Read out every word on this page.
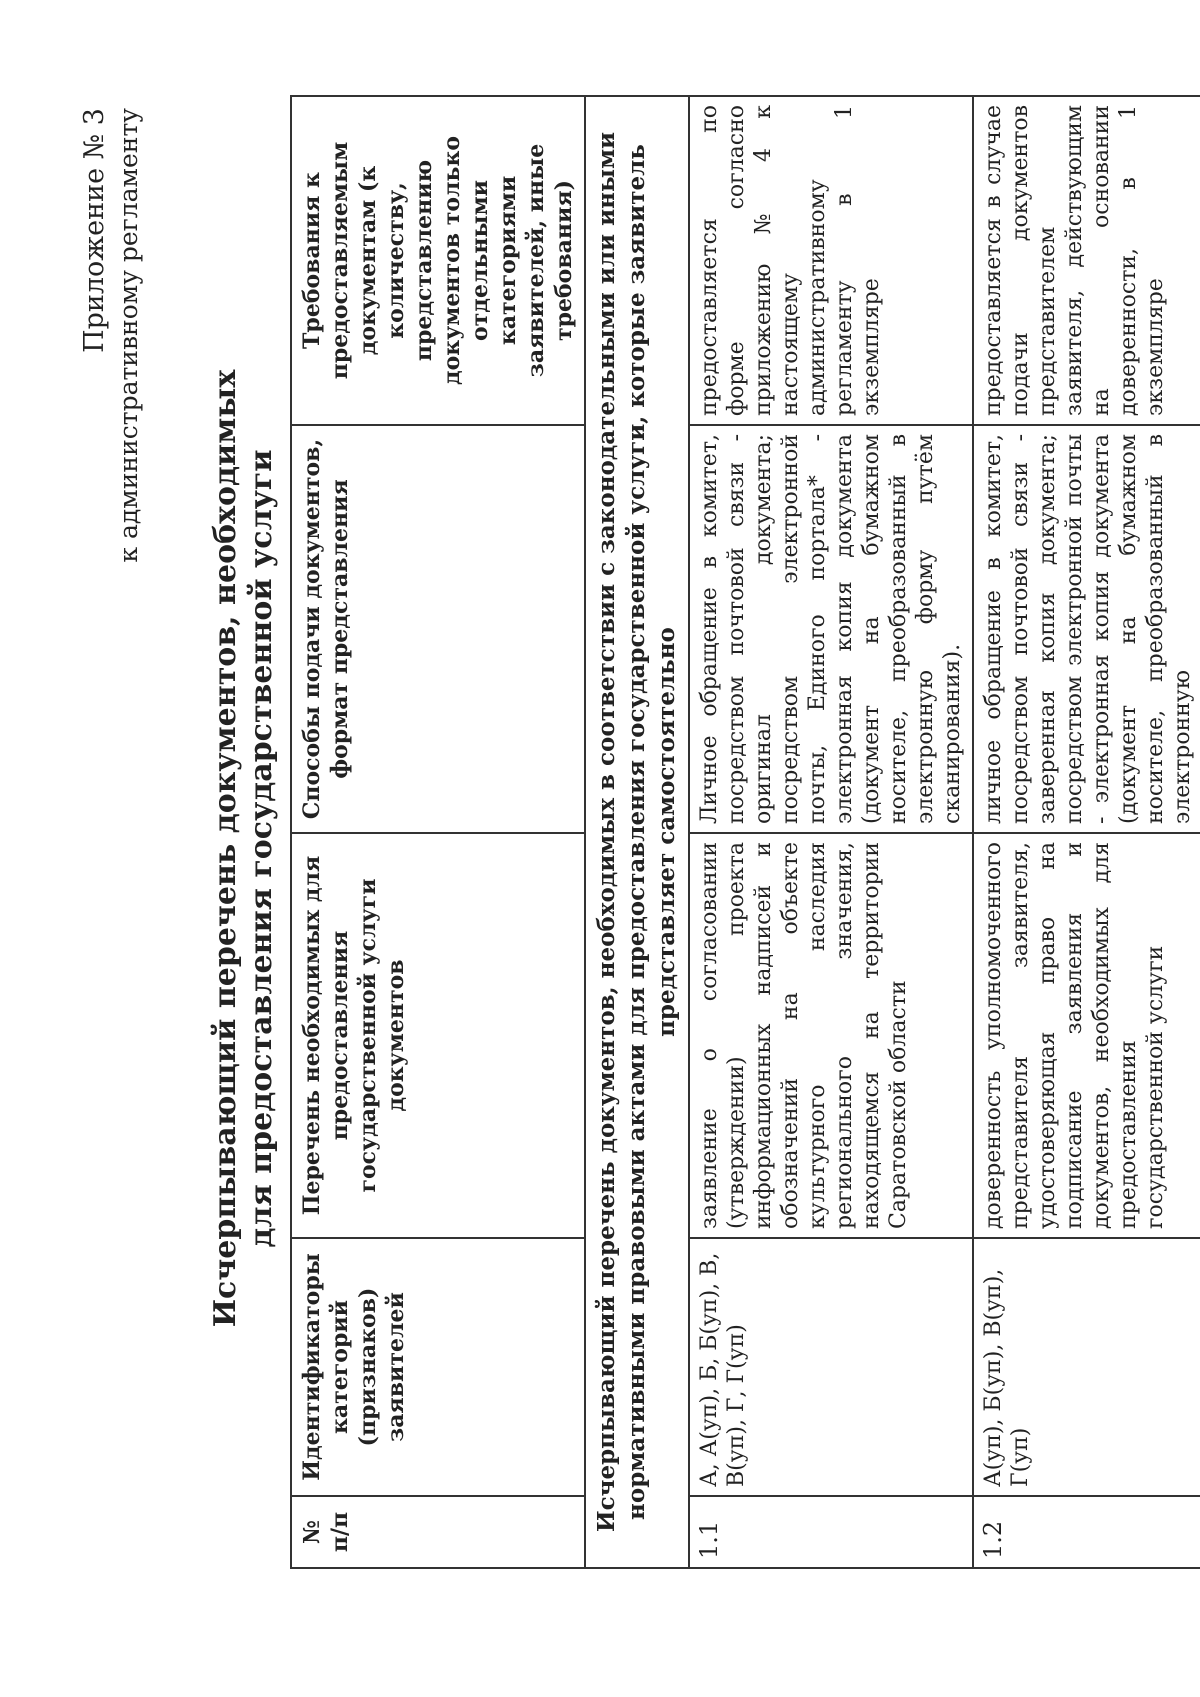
Приложение № 3 к административному регламенту
Исчерпывающий перечень документов, необходимых для предоставления государственной услуги
№ п/п	Идентификаторы категорий (признаков) заявителей	Перечень необходимых для предоставления государственной услуги документов	Способы подачи документов, формат представления	Требования к предоставляемым документам (к количеству, представлению документов только отдельными категориями заявителей, иные требования)
Исчерпывающий перечень документов, необходимых в соответствии с законодательными или иными нормативными правовыми актами для предоставления государственной услуги, которые заявитель представляет самостоятельно				
1.1	А, А(уп), Б, Б(уп), В, В(уп), Г, Г(уп)	заявление о согласовании (утверждении) проекта информационных надписей и обозначений на объекте культурного наследия регионального значения, находящемся на территории Саратовской области	Личное обращение в комитет, посредством почтовой связи - оригинал документа; посредством электронной почты, Единого портала* - электронная копия документа (документ на бумажном носителе, преобразованный в электронную форму путём сканирования).	предоставляется по форме согласно приложению № 4 к настоящему административному регламенту в 1 экземпляре
1.2	А(уп), Б(уп), В(уп), Г(уп)	доверенность уполномоченного представителя заявителя, удостоверяющая право на подписание заявления и документов, необходимых для предоставления государственной услуги	личное обращение в комитет, посредством почтовой связи - заверенная копия документа; посредством электронной почты - электронная копия документа (документ на бумажном носителе, преобразованный в электронную	предоставляется в случае подачи документов представителем заявителя, действующим на основании доверенности, в 1 экземпляре
